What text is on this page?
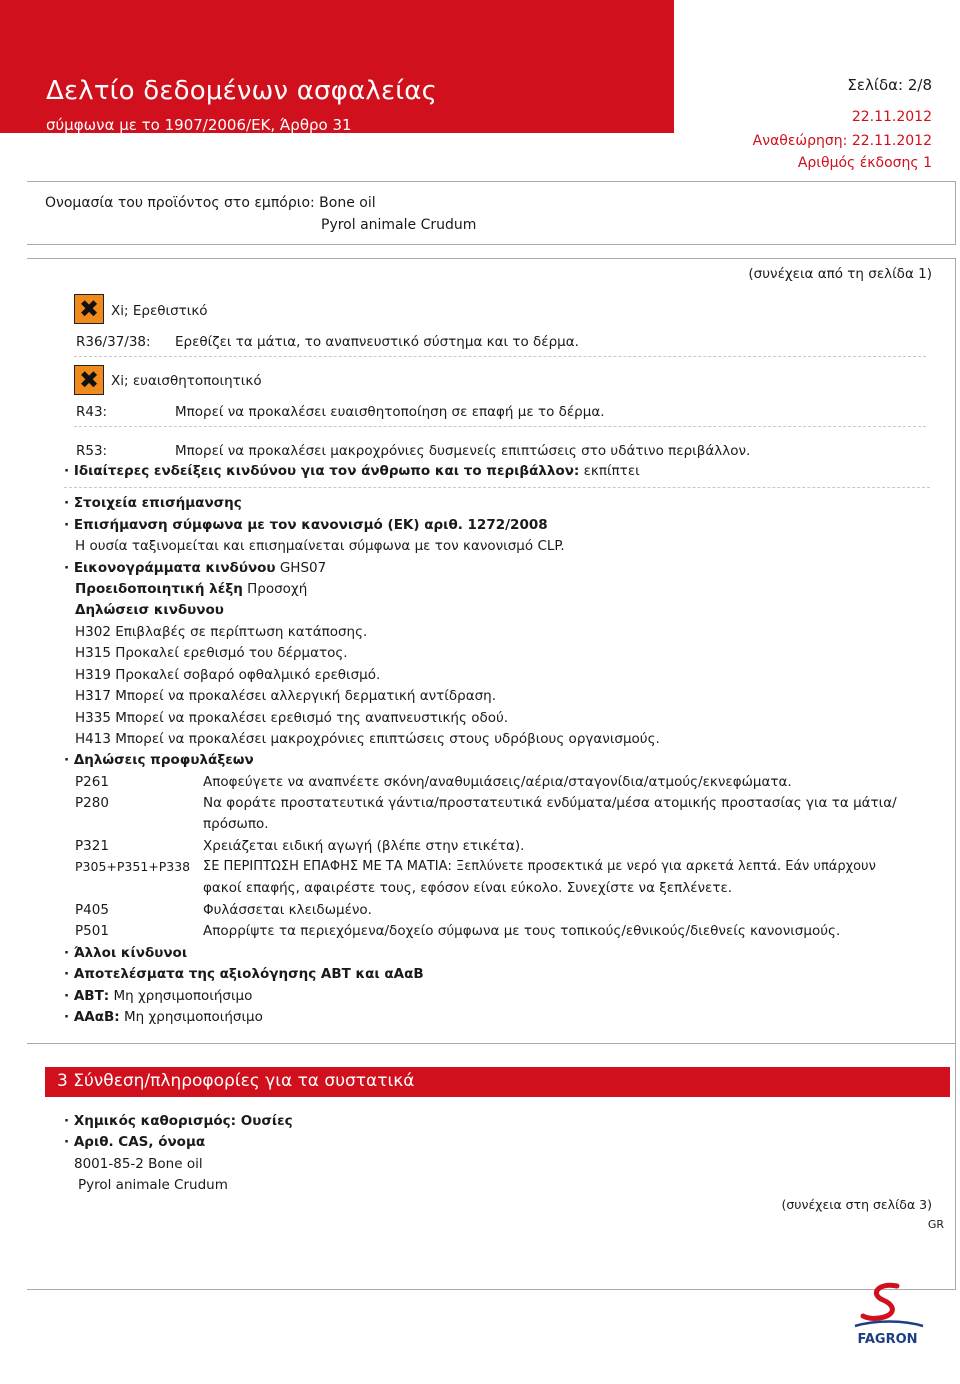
Δελτίο δεδομένων ασφαλείας
σύμφωνα με το 1907/2006/ΕΚ, Άρθρο 31
Σελίδα: 2/8
Ημερομηνία εκτύπωσης: 22.11.2012
Αναθεώρηση: 22.11.2012
Αριθμός έκδοσης 1
Ονομασία του προϊόντος στο εμπόριο: Bone oil
Pyrol animale Crudum
(συνέχεια από τη σελίδα 1)
✖ Xi; Ερεθιστικό
R36/37/38: Ερεθίζει τα μάτια, το αναπνευστικό σύστημα και το δέρμα.
✖ Xi; ευαισθητοποιητικό
R43:	Μπορεί να προκαλέσει ευαισθητοποίηση σε επαφή με το δέρμα.
R53:	Μπορεί να προκαλέσει μακροχρόνιες δυσμενείς επιπτώσεις στο υδάτινο περιβάλλον.
· Ιδιαίτερες ενδείξεις κινδύνου για τον άνθρωπο και το περιβάλλον: εκπίπτει
· Στοιχεία επισήμανσης
· Επισήμανση σύμφωνα με τον κανονισμό (ΕΚ) αριθ. 1272/2008
Η ουσία ταξινομείται και επισημαίνεται σύμφωνα με τον κανονισμό CLP.
· Εικονογράμματα κινδύνου GHS07
Προειδοποιητική λέξη Προσοχή
Δηλώσεισ κινδυνου
H302 Επιβλαβές σε περίπτωση κατάποσης.
H315 Προκαλεί ερεθισμό του δέρματος.
H319 Προκαλεί σοβαρό οφθαλμικό ερεθισμό.
H317 Μπορεί να προκαλέσει αλλεργική δερματική αντίδραση.
H335 Μπορεί να προκαλέσει ερεθισμό της αναπνευστικής οδού.
H413 Μπορεί να προκαλέσει μακροχρόνιες επιπτώσεις στους υδρόβιους οργανισμούς.
· Δηλώσεις προφυλάξεων
P261	Αποφεύγετε να αναπνέετε σκόνη/αναθυμιάσεις/αέρια/σταγονίδια/ατμούς/εκνεφώματα.
P280	Να φοράτε προστατευτικά γάντια/προστατευτικά ενδύματα/μέσα ατομικής προστασίας για τα μάτια/
πρόσωπο.
P321	Χρειάζεται ειδική αγωγή (βλέπε στην ετικέτα).
P305+P351+P338 ΣΕ ΠΕΡΙΠΤΩΣΗ ΕΠΑΦΗΣ ΜΕ ΤΑ ΜΑΤΙΑ: Ξεπλύνετε προσεκτικά με νερό για αρκετά λεπτά. Εάν υπάρχουν
φακοί επαφής, αφαιρέστε τους, εφόσον είναι εύκολο. Συνεχίστε να ξεπλένετε.
P405	Φυλάσσεται κλειδωμένο.
P501	Απορρίψτε τα περιεχόμενα/δοχείο σύμφωνα με τους τοπικούς/εθνικούς/διεθνείς κανονισμούς.
· Άλλοι κίνδυνοι
· Αποτελέσματα της αξιολόγησης ΑΒΤ και αΑαΒ
· ΑΒΤ: Μη χρησιμοποιήσιμο
· ΑΑαΒ: Μη χρησιμοποιήσιμο
3 Σύνθεση/πληροφορίες για τα συστατικά
· Χημικός καθορισμός: Ουσίες
· Αριθ. CAS, όνομα
8001-85-2 Bone oil
Pyrol animale Crudum
(συνέχεια στη σελίδα 3)
GR
FAGRON
